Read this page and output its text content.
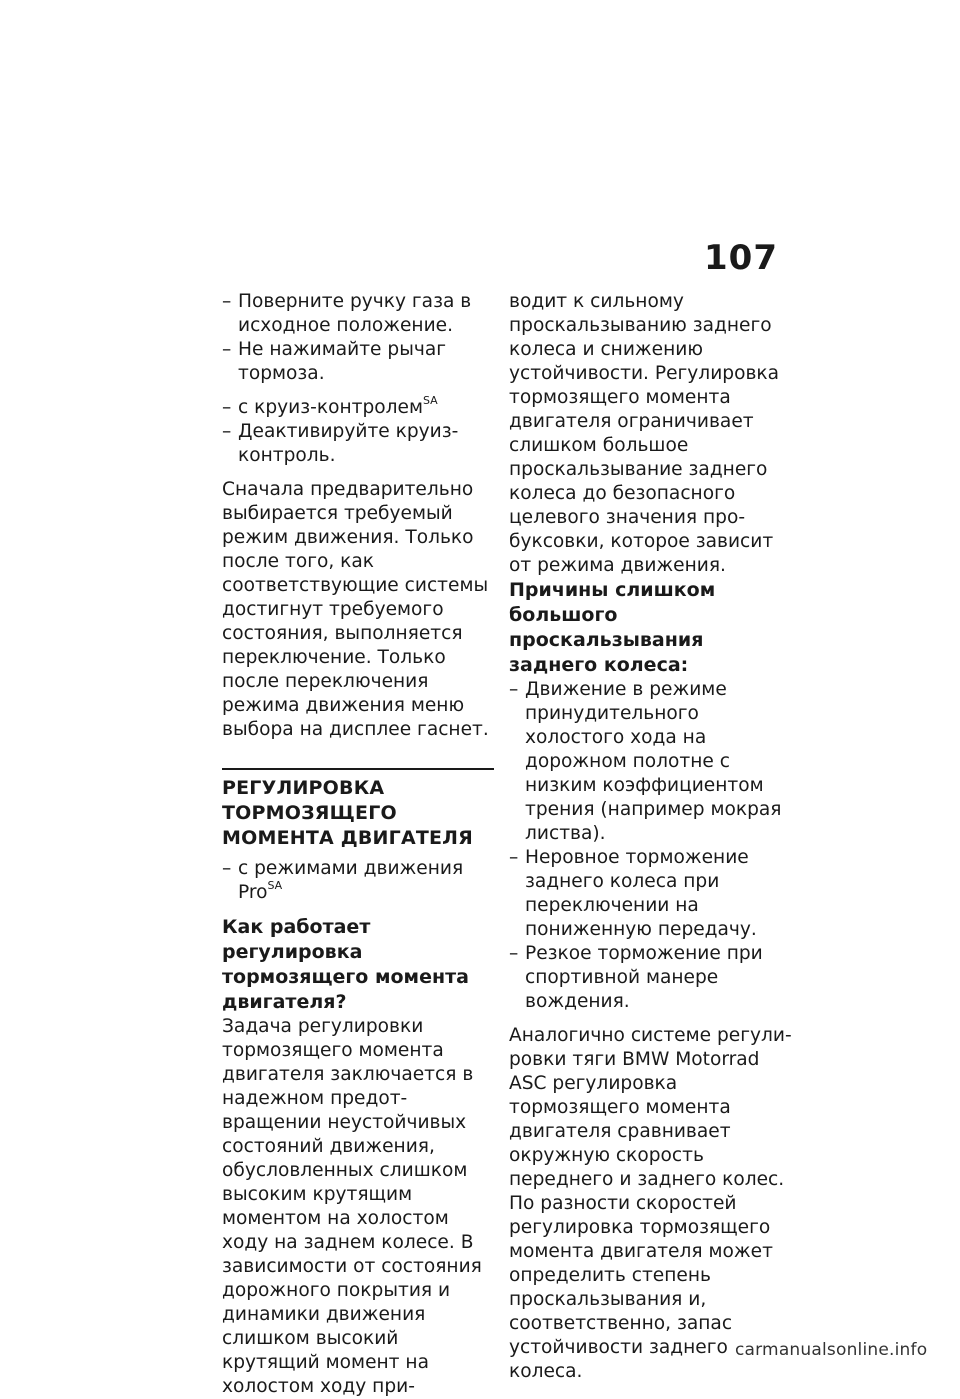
107
– Поверните ручку газа в исходное положение.
– Не нажимайте рычаг тормоза.
– с круиз-контролем$^{SA}$
– Деактивируйте круиз-контроль.

Сначала предварительно выбирается требуемый режим движения. Только после того, как соответствующие системы достигнут требуемого состояния, выполняется переключение. Только после переключения режима движения меню выбора на дисплее гаснет.

РЕГУЛИРОВКА ТОРМОЗЯЩЕГО МОМЕНТА ДВИГАТЕЛЯ
– с режимами движения Pro$^{SA}$
Как работает регулировка тормозящего момента двигателя?

Задача регулировки тормозящего момента двигателя заключается в надежном предотвращении неустойчивых состояний движения, обусловленных слишком высоким крутящим моментом на холостом ходу на заднем колесе. В зависимости от состояния дорожного покрытия и динамики движения слишком высокий крутящий момент на холостом ходу при-

водит к сильному проскальзыванию заднего колеса и снижению устойчивости. Регулировка тормозящего момента двигателя ограничивает слишком большое проскальзывание заднего колеса до безопасного целевого значения пробуксовки, которое зависит от режима движения.

Причины слишком большого проскальзывания заднего колеса:
– Движение в режиме принудительного холостого хода на дорожном полотне с низким коэффициентом трения (например мокрая листва).
– Неровное торможение заднего колеса при переключении на пониженную передачу.
– Резкое торможение при спортивной манере вождения.

Аналогично системе регулировки тяги BMW Motorrad ASC регулировка тормозящего момента двигателя сравнивает окружную скорость переднего и заднего колес. По разности скоростей регулировка тормозящего момента двигателя может определить степень проскальзывания и, соответственно, запас устойчивости заднего колеса.

carmanualsonline.info
